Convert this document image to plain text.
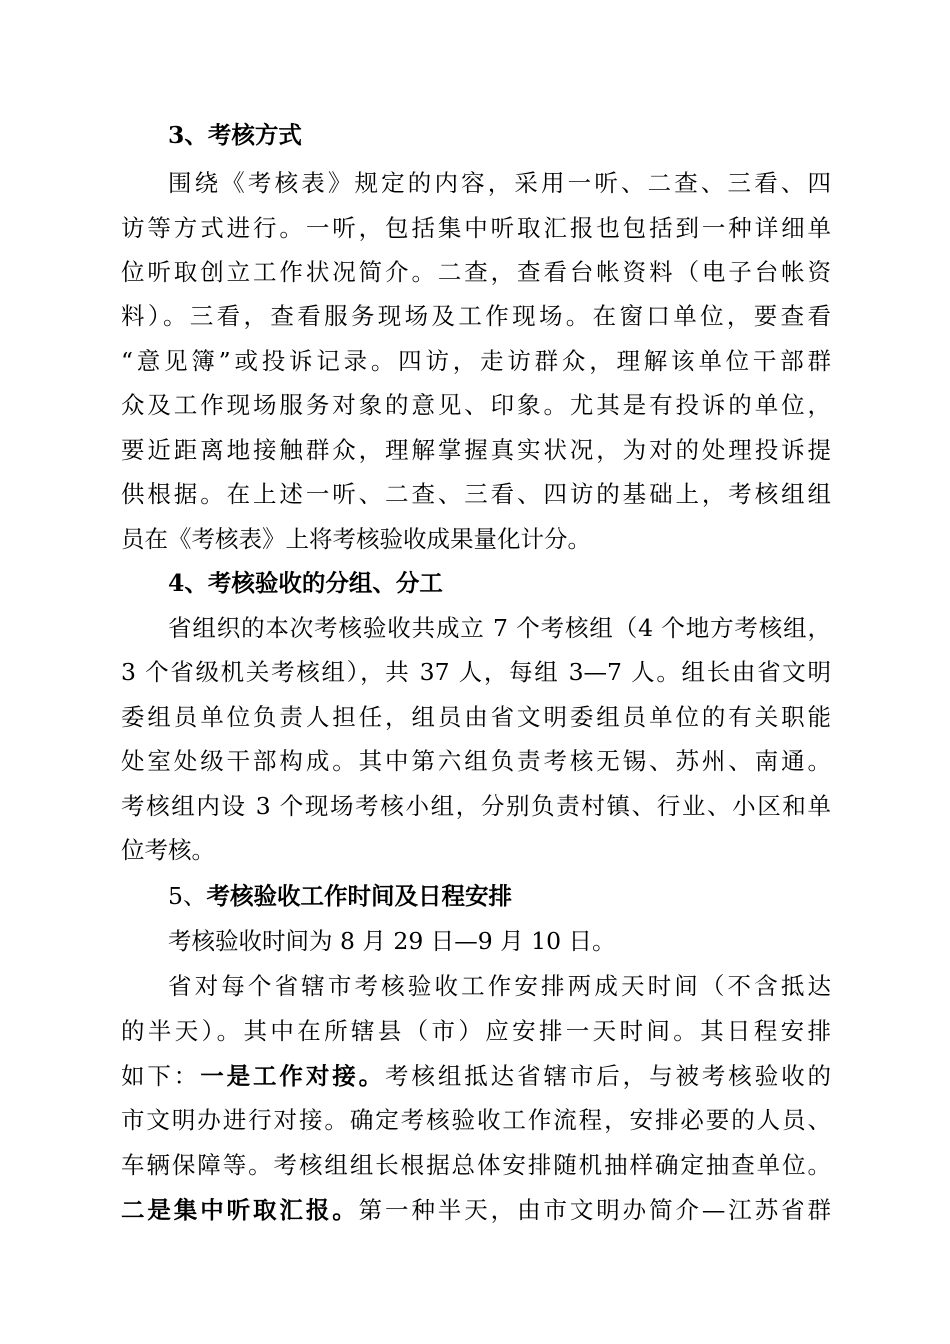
3、考核方式
围绕《考核表》规定的内容，采用一听、二查、三看、四
访等方式进行。一听，包括集中听取汇报也包括到一种详细单
位听取创立工作状况简介。二查，查看台帐资料（电子台帐资
料）。三看，查看服务现场及工作现场。在窗口单位，要查看
“意见簿”或投诉记录。四访，走访群众，理解该单位干部群
众及工作现场服务对象的意见、印象。尤其是有投诉的单位，
要近距离地接触群众，理解掌握真实状况，为对的处理投诉提
供根据。在上述一听、二查、三看、四访的基础上，考核组组
员在《考核表》上将考核验收成果量化计分。
4、考核验收的分组、分工
省组织的本次考核验收共成立 7 个考核组（4 个地方考核组，
3 个省级机关考核组），共 37 人，每组 3—7 人。组长由省文明
委组员单位负责人担任，组员由省文明委组员单位的有关职能
处室处级干部构成。其中第六组负责考核无锡、苏州、南通。
考核组内设 3 个现场考核小组，分别负责村镇、行业、小区和单
位考核。
5、考核验收工作时间及日程安排
考核验收时间为 8 月 29 日—9 月 10 日。
省对每个省辖市考核验收工作安排两成天时间（不含抵达
的半天）。其中在所辖县（市）应安排一天时间。其日程安排
如下：一是工作对接。考核组抵达省辖市后，与被考核验收的
市文明办进行对接。确定考核验收工作流程，安排必要的人员、
车辆保障等。考核组组长根据总体安排随机抽样确定抽查单位。
二是集中听取汇报。第一种半天，由市文明办简介—江苏省群
